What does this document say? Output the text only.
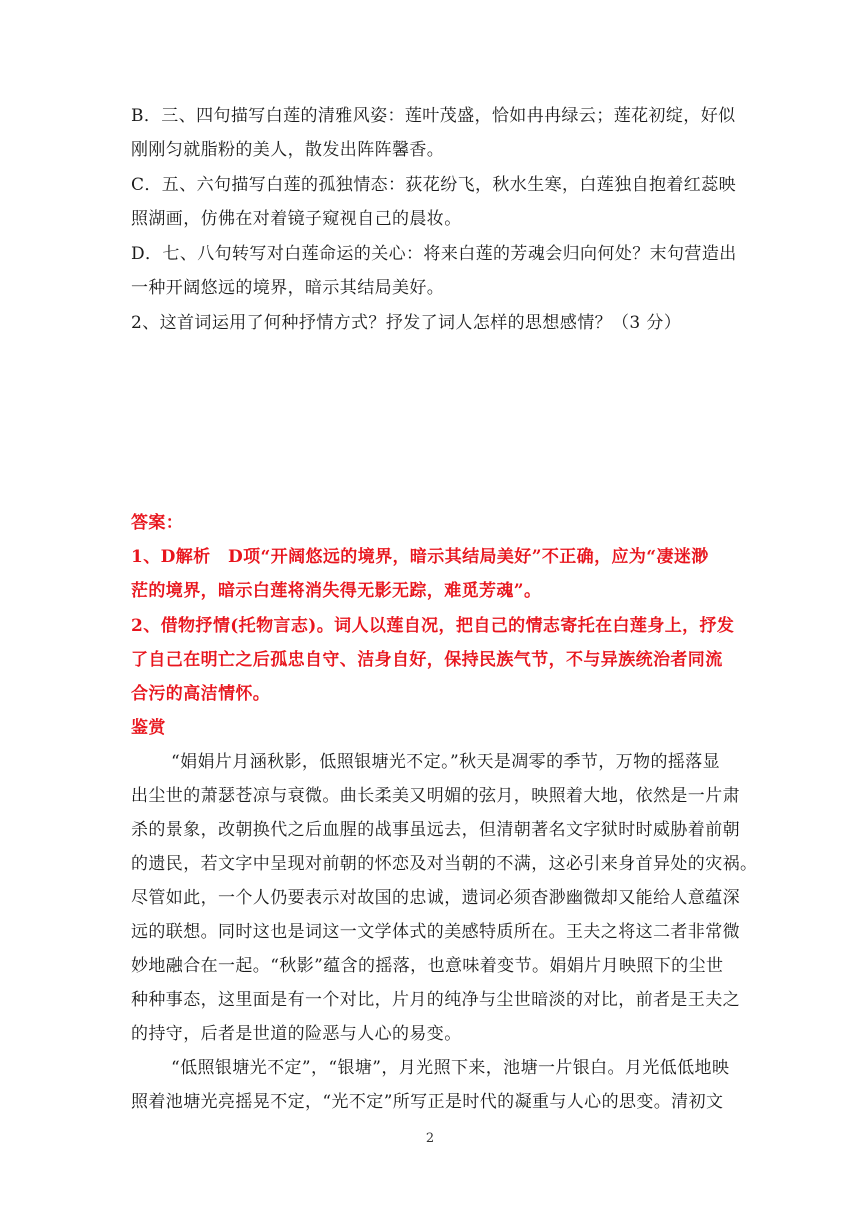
B．三、四句描写白莲的清雅风姿：莲叶茂盛，恰如冉冉绿云；莲花初绽，好似
刚刚匀就脂粉的美人，散发出阵阵馨香。
C．五、六句描写白莲的孤独情态：荻花纷飞，秋水生寒，白莲独自抱着红蕊映
照湖画，仿佛在对着镜子窥视自己的晨妆。
D．七、八句转写对白莲命运的关心：将来白莲的芳魂会归向何处？末句营造出
一种开阔悠远的境界，暗示其结局美好。
2、这首词运用了何种抒情方式？抒发了词人怎样的思想感情？（3 分）
答案：
1、D解析　D项“开阔悠远的境界，暗示其结局美好”不正确，应为“凄迷渺
茫的境界，暗示白莲将消失得无影无踪，难觅芳魂”。
2、借物抒情(托物言志)。词人以莲自况，把自己的情志寄托在白莲身上，抒发
了自己在明亡之后孤忠自守、洁身自好，保持民族气节，不与异族统治者同流
合污的高洁情怀。
鉴赏
“娟娟片月涵秋影，低照银塘光不定。”秋天是凋零的季节，万物的摇落显
出尘世的萧瑟苍凉与衰微。曲长柔美又明媚的弦月，映照着大地，依然是一片肃
杀的景象，改朝换代之后血腥的战事虽远去，但清朝著名文字狱时时威胁着前朝
的遗民，若文字中呈现对前朝的怀恋及对当朝的不满，这必引来身首异处的灾祸。
尽管如此，一个人仍要表示对故国的忠诚，遗词必须杳渺幽微却又能给人意蕴深
远的联想。同时这也是词这一文学体式的美感特质所在。王夫之将这二者非常微
妙地融合在一起。“秋影”蕴含的摇落，也意味着变节。娟娟片月映照下的尘世
种种事态，这里面是有一个对比，片月的纯净与尘世暗淡的对比，前者是王夫之
的持守，后者是世道的险恶与人心的易变。
“低照银塘光不定”，“银塘”，月光照下来，池塘一片银白。月光低低地映
照着池塘光亮摇晃不定，“光不定”所写正是时代的凝重与人心的思变。清初文
2
